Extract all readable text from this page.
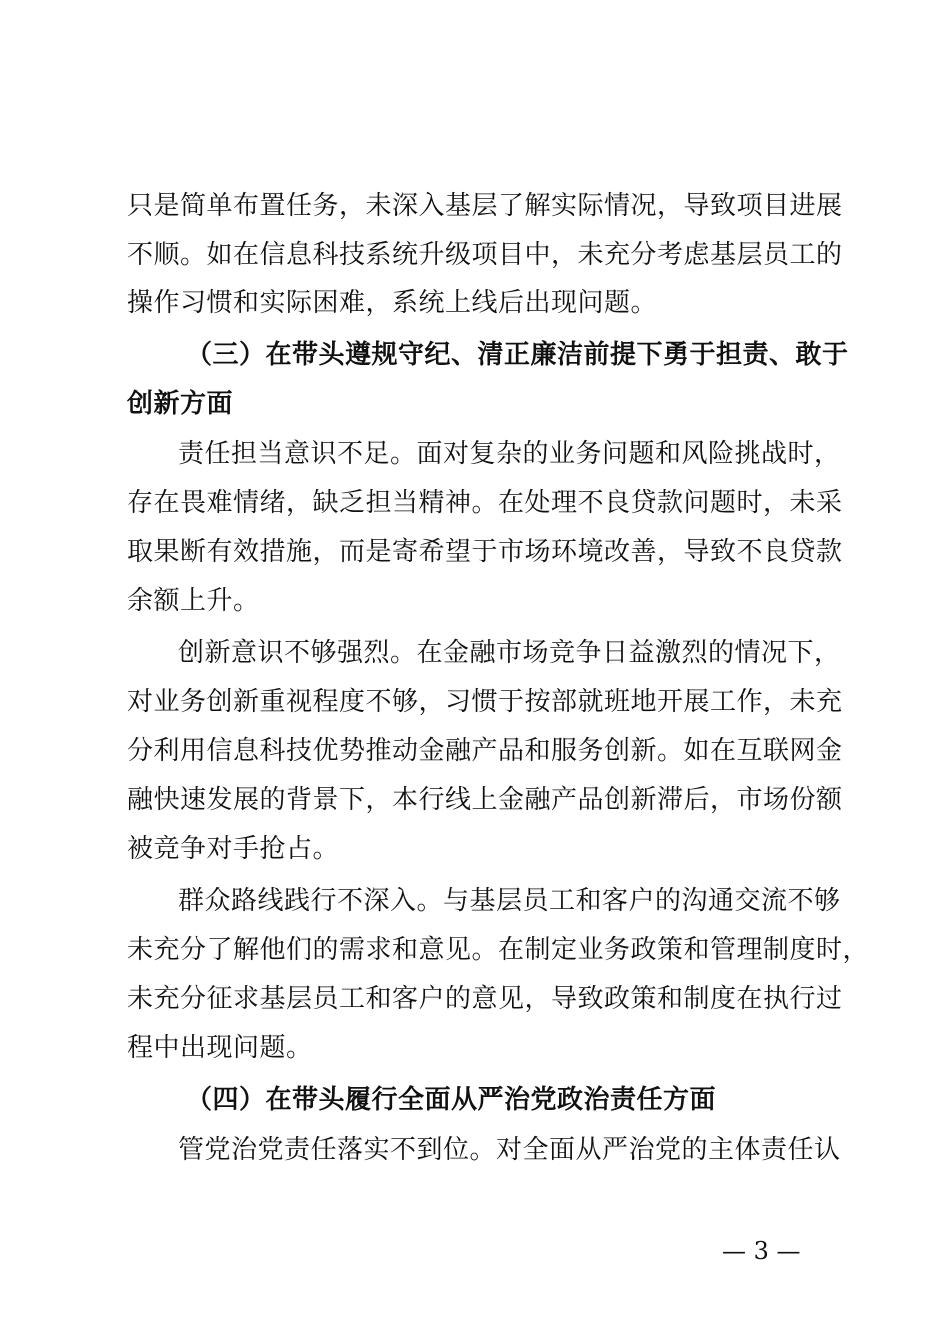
只是简单布置任务，未深入基层了解实际情况，导致项目进展
不顺。如在信息科技系统升级项目中，未充分考虑基层员工的
操作习惯和实际困难，系统上线后出现问题。
（三）在带头遵规守纪、清正廉洁前提下勇于担责、敢于
创新方面
责任担当意识不足。面对复杂的业务问题和风险挑战时，
存在畏难情绪，缺乏担当精神。在处理不良贷款问题时，未采
取果断有效措施，而是寄希望于市场环境改善，导致不良贷款
余额上升。
创新意识不够强烈。在金融市场竞争日益激烈的情况下，
对业务创新重视程度不够，习惯于按部就班地开展工作，未充
分利用信息科技优势推动金融产品和服务创新。如在互联网金
融快速发展的背景下，本行线上金融产品创新滞后，市场份额
被竞争对手抢占。
群众路线践行不深入。与基层员工和客户的沟通交流不够
未充分了解他们的需求和意见。在制定业务政策和管理制度时，
未充分征求基层员工和客户的意见，导致政策和制度在执行过
程中出现问题。
（四）在带头履行全面从严治党政治责任方面
管党治党责任落实不到位。对全面从严治党的主体责任认
— 3 —
